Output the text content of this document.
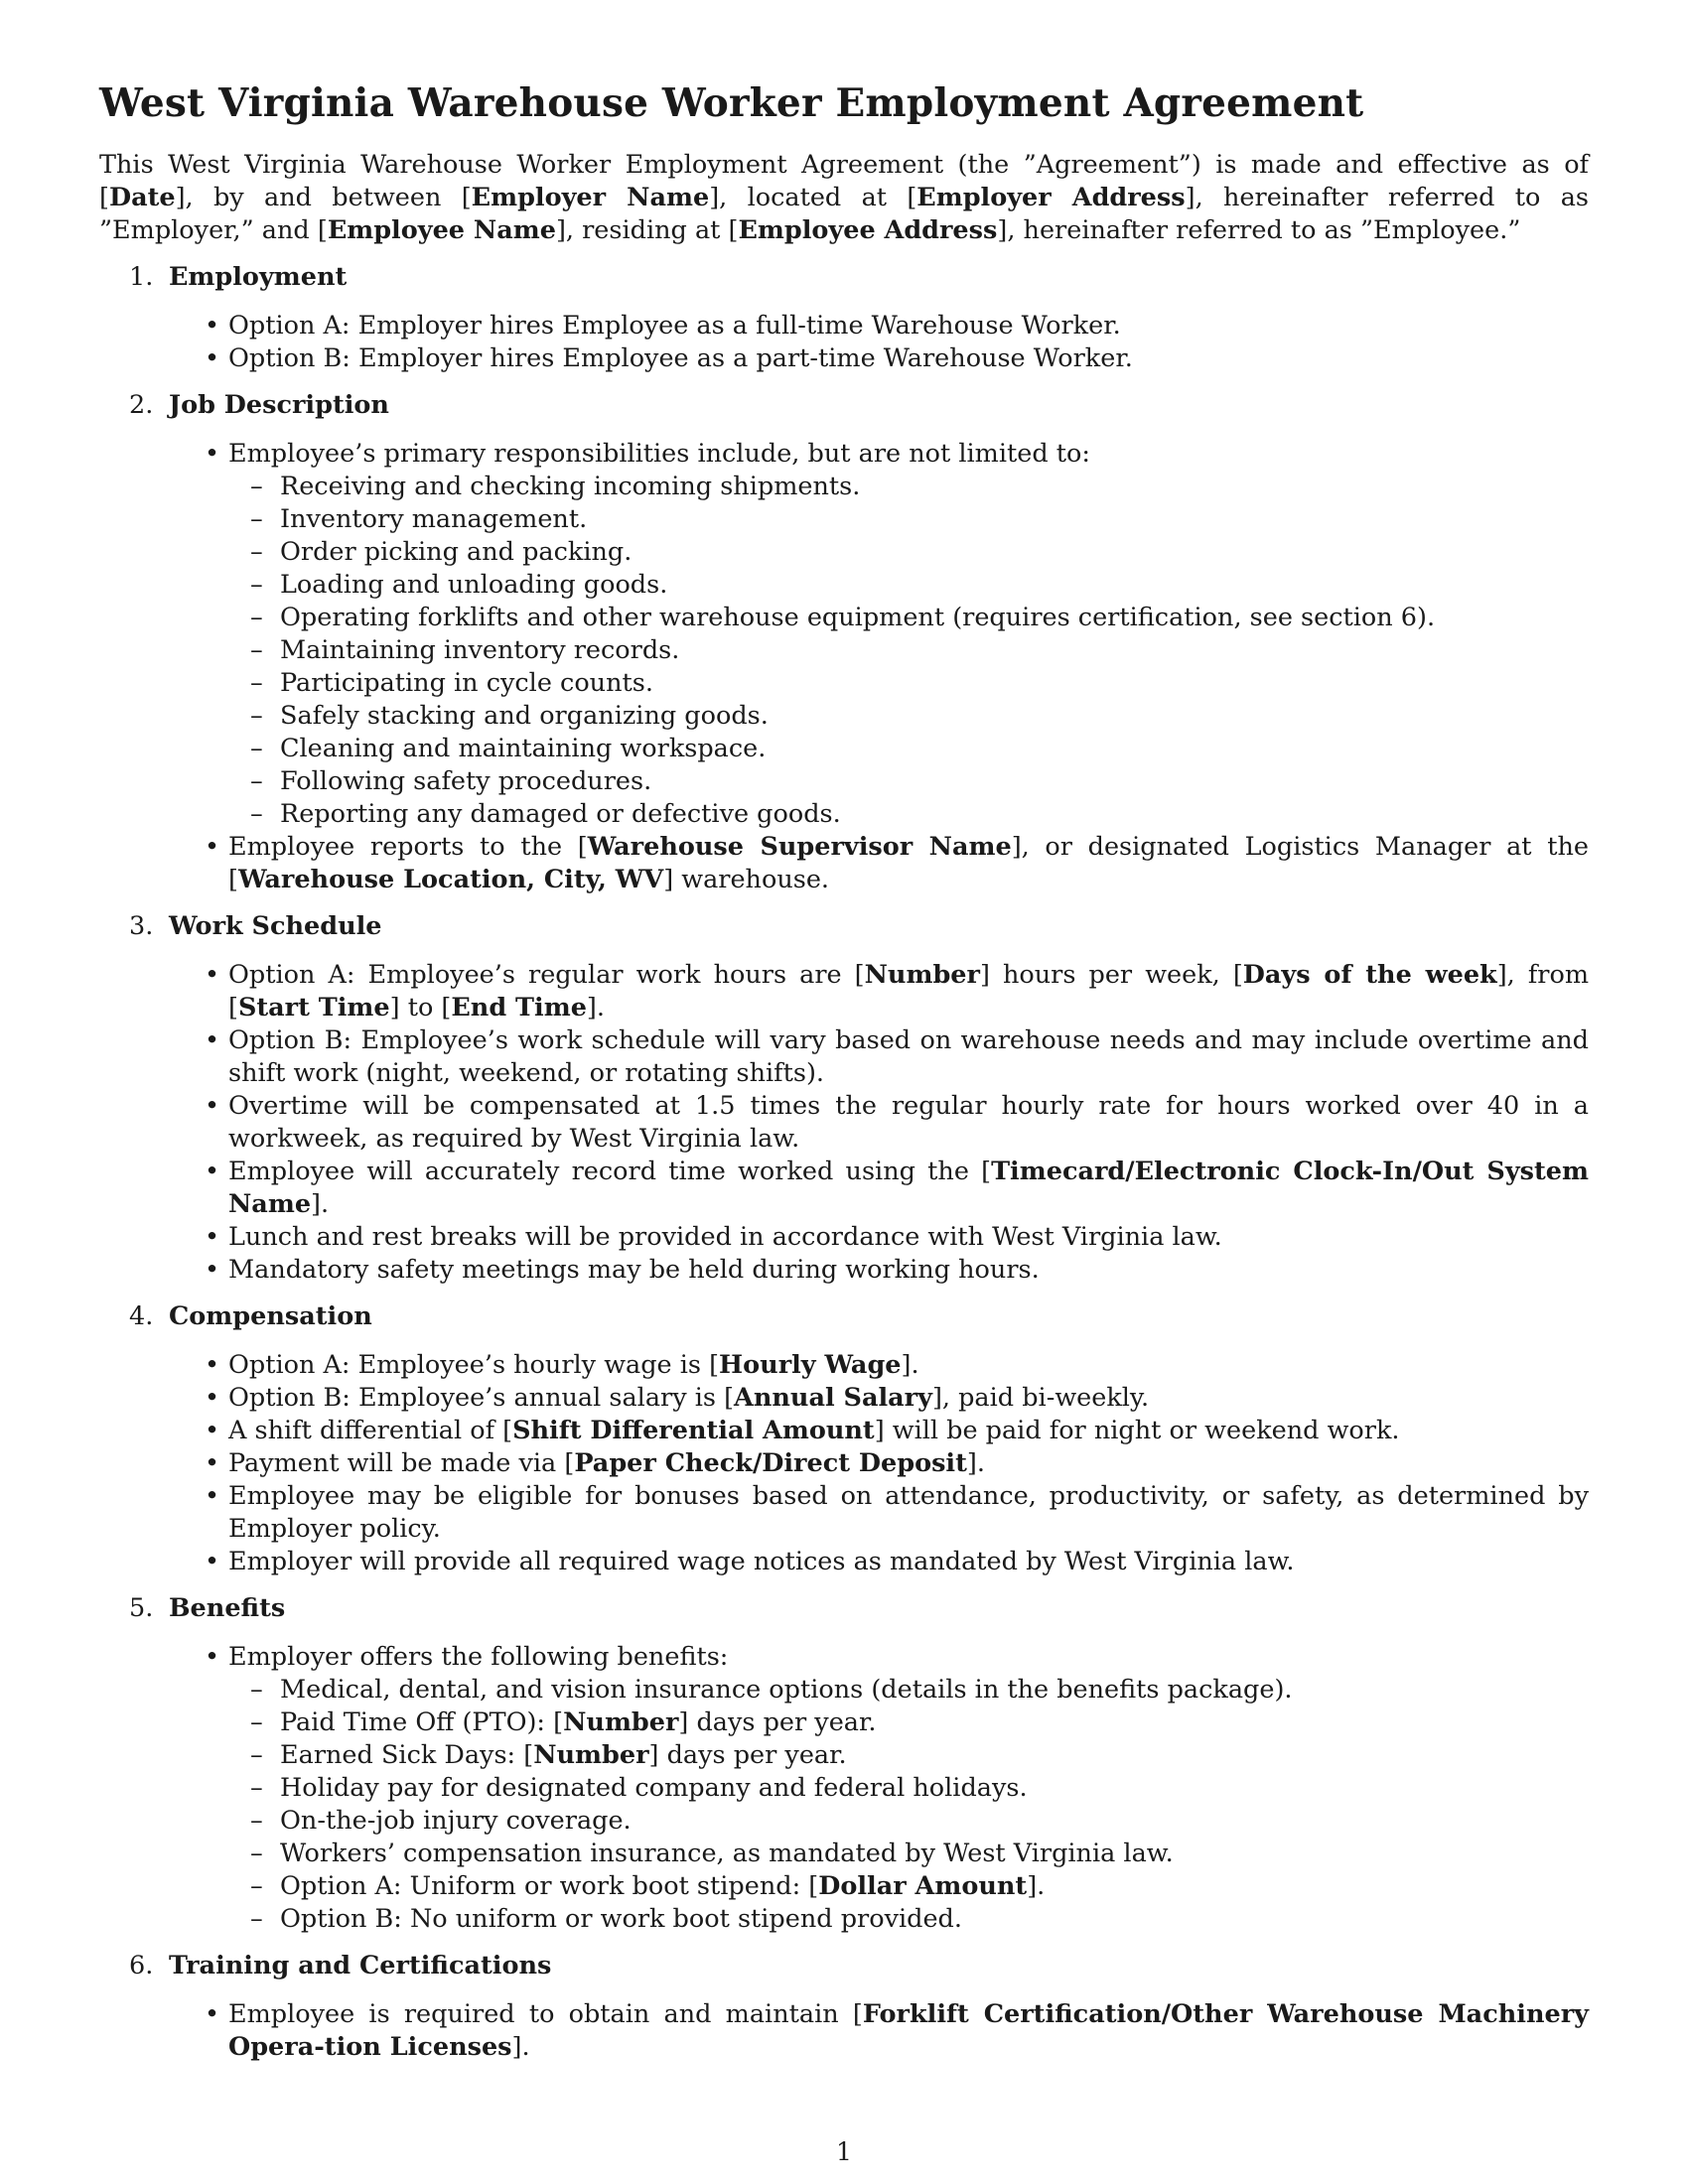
West Virginia Warehouse Worker Employment Agreement

This West Virginia Warehouse Worker Employment Agreement (the ”Agreement”) is made and effective as of [Date], by and between [Employer Name], located at [Employer Address], hereinafter referred to as ”Employer,” and [Employee Name], residing at [Employee Address], hereinafter referred to as ”Employee.”

1. Employment
• Option A: Employer hires Employee as a full-time Warehouse Worker.
• Option B: Employer hires Employee as a part-time Warehouse Worker.
2. Job Description
• Employee’s primary responsibilities include, but are not limited to:
– Receiving and checking incoming shipments.
– Inventory management.
– Order picking and packing.
– Loading and unloading goods.
– Operating forklifts and other warehouse equipment (requires certification, see section 6).
– Maintaining inventory records.
– Participating in cycle counts.
– Safely stacking and organizing goods.
– Cleaning and maintaining workspace.
– Following safety procedures.
– Reporting any damaged or defective goods.
• Employee reports to the [Warehouse Supervisor Name], or designated Logistics Manager at the [Warehouse Location, City, WV] warehouse.
3. Work Schedule
• Option A: Employee’s regular work hours are [Number] hours per week, [Days of the week], from [Start Time] to [End Time].
• Option B: Employee’s work schedule will vary based on warehouse needs and may include overtime and shift work (night, weekend, or rotating shifts).
• Overtime will be compensated at 1.5 times the regular hourly rate for hours worked over 40 in a workweek, as required by West Virginia law.
• Employee will accurately record time worked using the [Timecard/Electronic Clock-In/Out System Name].
• Lunch and rest breaks will be provided in accordance with West Virginia law.
• Mandatory safety meetings may be held during working hours.
4. Compensation
• Option A: Employee’s hourly wage is [Hourly Wage].
• Option B: Employee’s annual salary is [Annual Salary], paid bi-weekly.
• A shift differential of [Shift Differential Amount] will be paid for night or weekend work.
• Payment will be made via [Paper Check/Direct Deposit].
• Employee may be eligible for bonuses based on attendance, productivity, or safety, as determined by Employer policy.
• Employer will provide all required wage notices as mandated by West Virginia law.
5. Benefits
• Employer offers the following benefits:
– Medical, dental, and vision insurance options (details in the benefits package).
– Paid Time Off (PTO): [Number] days per year.
– Earned Sick Days: [Number] days per year.
– Holiday pay for designated company and federal holidays.
– On-the-job injury coverage.
– Workers’ compensation insurance, as mandated by West Virginia law.
– Option A: Uniform or work boot stipend: [Dollar Amount].
– Option B: No uniform or work boot stipend provided.
6. Training and Certifications
• Employee is required to obtain and maintain [Forklift Certification/Other Warehouse Machinery Opera-tion Licenses].
1
